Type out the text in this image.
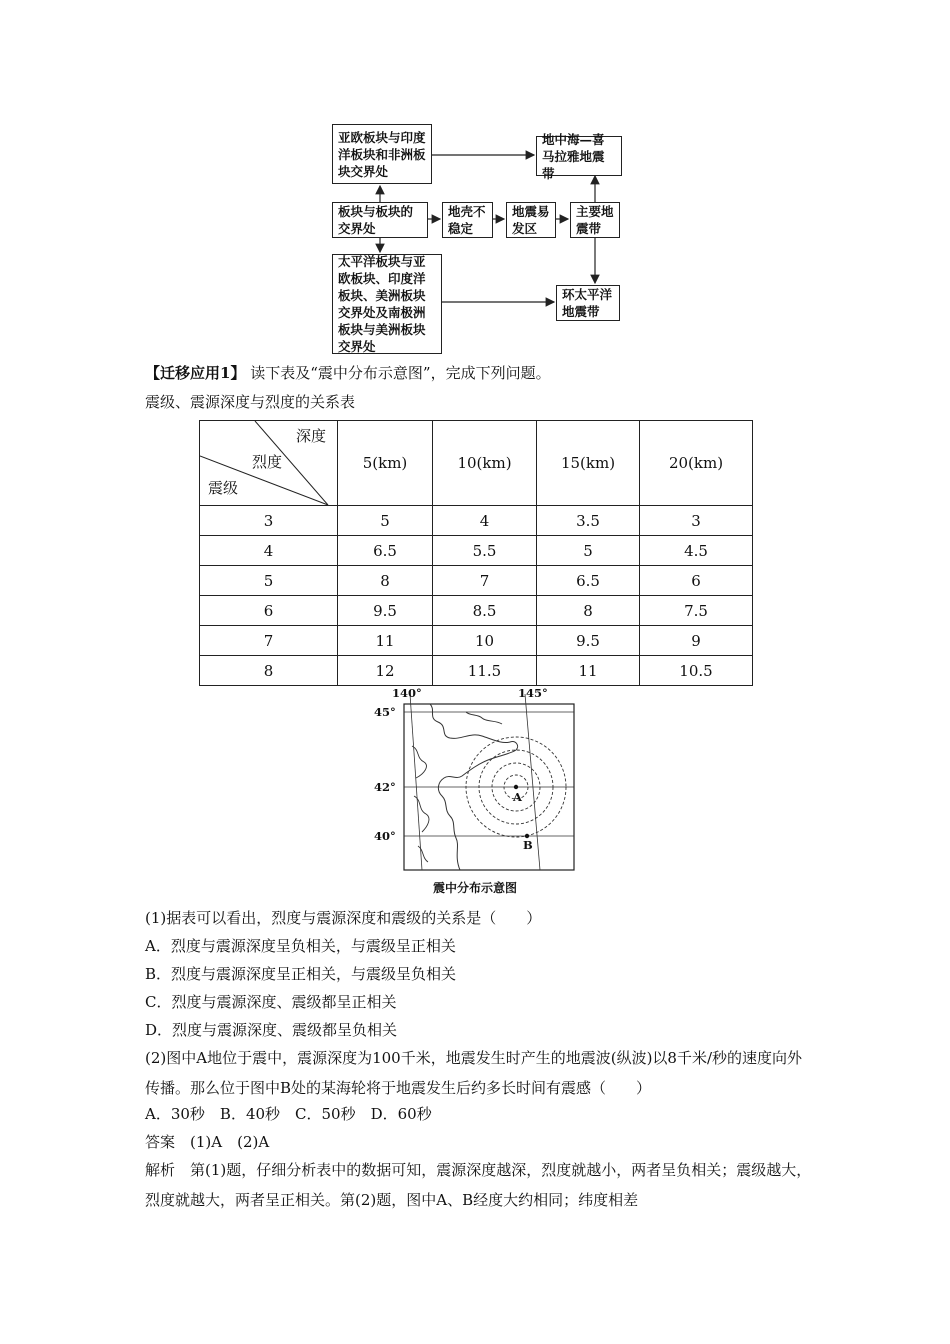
亚欧板块与印度洋板块和非洲板块交界处
板块与板块的交界处
太平洋板块与亚欧板块、印度洋板块、美洲板块交界处及南极洲板块与美洲板块交界处
地壳不稳定
地震易发区
主要地震带
地中海—喜马拉雅地震带
环太平洋地震带
【迁移应用1】 读下表及“震中分布示意图”，完成下列问题。
震级、震源深度与烈度的关系表
深度
烈度
震级	5(km)	10(km)	15(km)	20(km)
3	5	4	3.5	3
4	6.5	5.5	5	4.5
5	8	7	6.5	6
6	9.5	8.5	8	7.5
7	11	10	9.5	9
8	12	11.5	11	10.5
140°	145°
45°
42°
40°
A
B
震中分布示意图
(1)据表可以看出，烈度与震源深度和震级的关系是（　　）
A．烈度与震源深度呈负相关，与震级呈正相关
B．烈度与震源深度呈正相关，与震级呈负相关
C．烈度与震源深度、震级都呈正相关
D．烈度与震源深度、震级都呈负相关
(2)图中A地位于震中，震源深度为100千米，地震发生时产生的地震波(纵波)以8千米/秒的速度向外传播。那么位于图中B处的某海轮将于地震发生后约多长时间有震感（　　）
A．30秒　B．40秒　C．50秒　D．60秒
答案　 (1)A　(2)A
解析　 第(1)题，仔细分析表中的数据可知，震源深度越深，烈度就越小，两者呈负相关；震级越大，烈度就越大，两者呈正相关。第(2)题，图中A、B经度大约相同；纬度相差
